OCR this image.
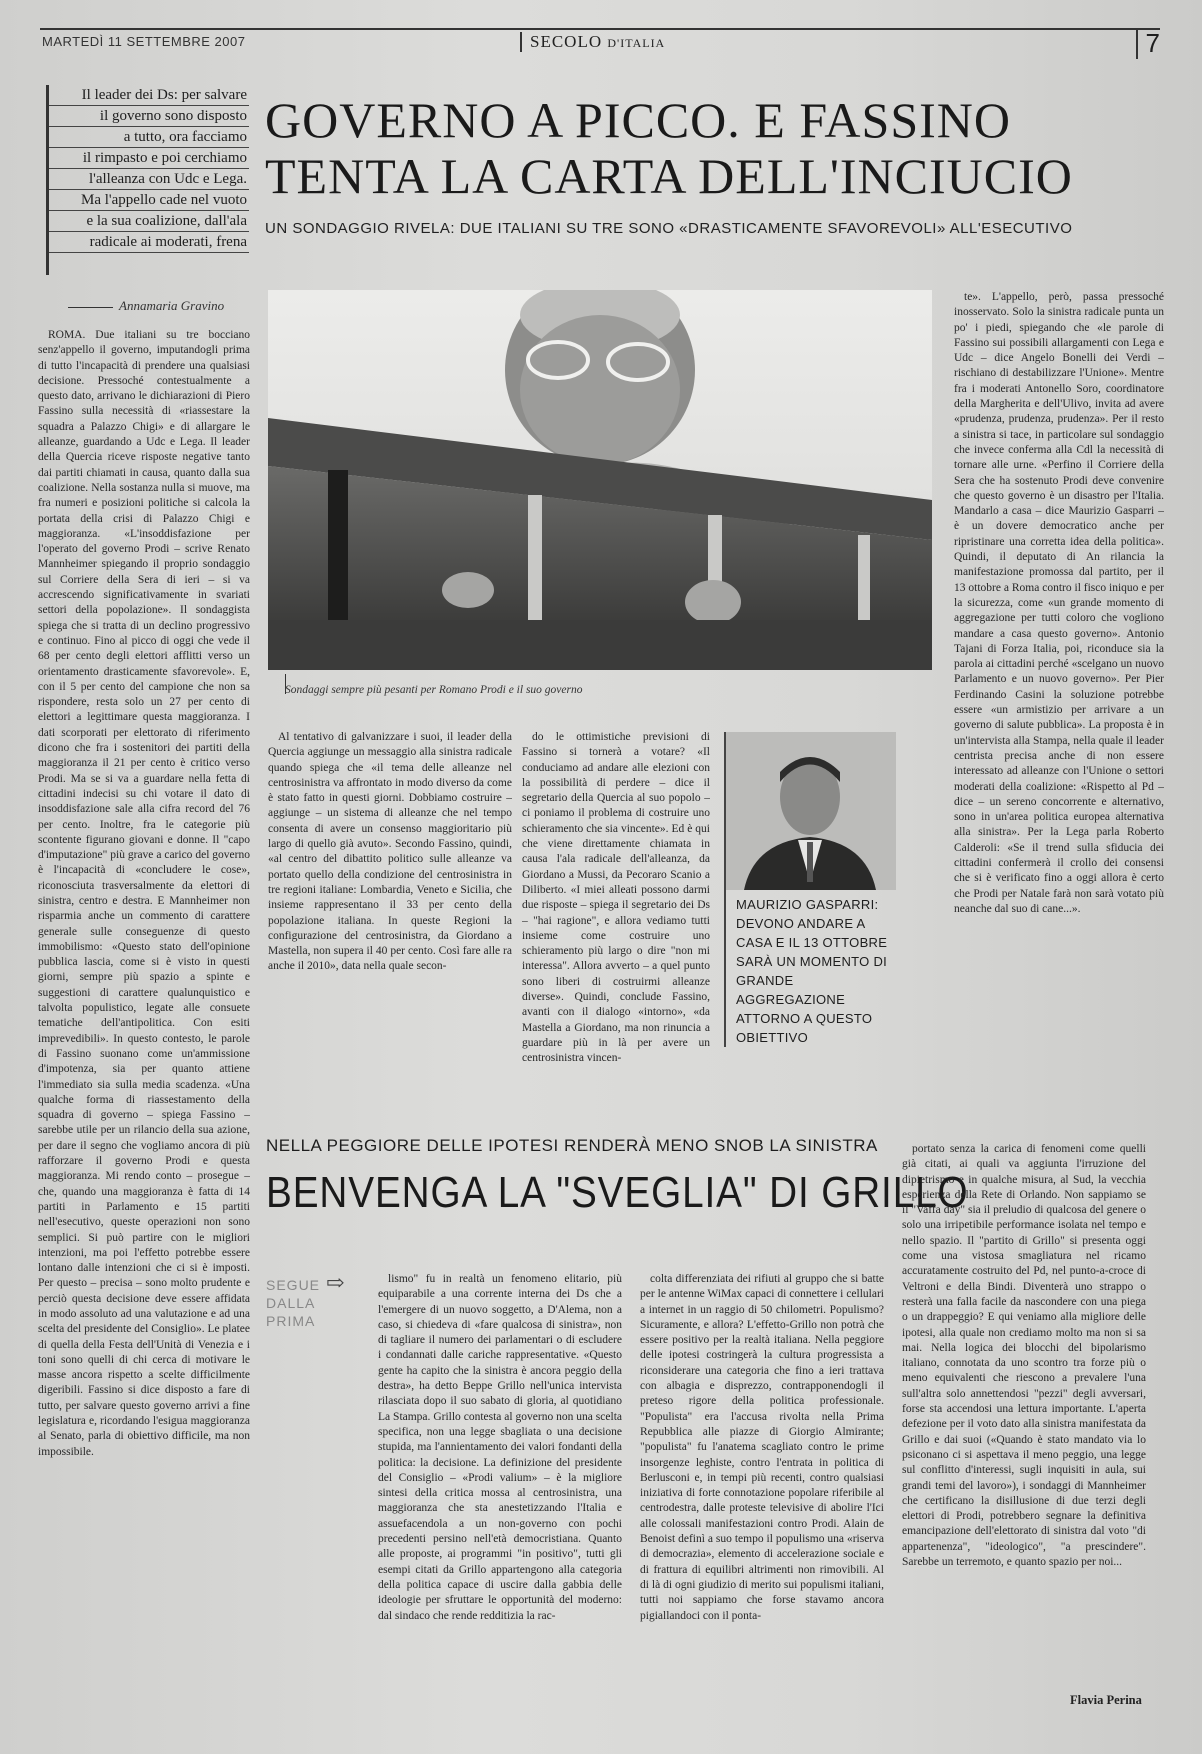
MARTEDÌ 11 SETTEMBRE 2007	SECOLO D'ITALIA	7
Il leader dei Ds: per salvare
il governo sono disposto
a tutto, ora facciamo
il rimpasto e poi cerchiamo
l'alleanza con Udc e Lega.
Ma l'appello cade nel vuoto
e la sua coalizione, dall'ala
radicale ai moderati, frena
GOVERNO A PICCO. E FASSINO
TENTA LA CARTA DELL'INCIUCIO
UN SONDAGGIO RIVELA: DUE ITALIANI SU TRE SONO «DRASTICAMENTE SFAVOREVOLI» ALL'ESECUTIVO
Annamaria Gravino

ROMA. Due italiani su tre bocciano senz'appello il governo, imputandogli prima di tutto l'incapacità di prendere una qualsiasi decisione. Pressoché contestualmente a questo dato, arrivano le dichiarazioni di Piero Fassino sulla necessità di «riassestare la squadra a Palazzo Chigi» e di allargare le alleanze, guardando a Udc e Lega. Il leader della Quercia riceve risposte negative tanto dai partiti chiamati in causa, quanto dalla sua coalizione. Nella sostanza nulla si muove, ma fra numeri e posizioni politiche si calcola la portata della crisi di Palazzo Chigi e maggioranza. «L'insoddisfazione per l'operato del governo Prodi – scrive Renato Mannheimer spiegando il proprio sondaggio sul Corriere della Sera di ieri – si va accrescendo significativamente in svariati settori della popolazione». Il sondaggista spiega che si tratta di un declino progressivo e continuo. Fino al picco di oggi che vede il 68 per cento degli elettori afflitti verso un orientamento drasticamente sfavorevole». E, con il 5 per cento del campione che non sa rispondere, resta solo un 27 per cento di elettori a legittimare questa maggioranza. I dati scorporati per elettorato di riferimento dicono che fra i sostenitori dei partiti della maggioranza il 21 per cento è critico verso Prodi. Ma se si va a guardare nella fetta di cittadini indecisi su chi votare il dato di insoddisfazione sale alla cifra record del 76 per cento. Inoltre, fra le categorie più scontente figurano giovani e donne. Il "capo d'imputazione" più grave a carico del governo è l'incapacità di «concludere le cose», riconosciuta trasversalmente da elettori di sinistra, centro e destra. E Mannheimer non risparmia anche un commento di carattere generale sulle conseguenze di questo immobilismo: «Questo stato dell'opinione pubblica lascia, come si è visto in questi giorni, sempre più spazio a spinte e suggestioni di carattere qualunquistico e talvolta populistico, legate alle consuete tematiche dell'antipolitica. Con esiti imprevedibili». In questo contesto, le parole di Fassino suonano come un'ammissione d'impotenza, sia per quanto attiene l'immediato sia sulla media scadenza. «Una qualche forma di riassestamento della squadra di governo – spiega Fassino – sarebbe utile per un rilancio della sua azione, per dare il segno che vogliamo ancora di più rafforzare il governo Prodi e questa maggioranza. Mi rendo conto – prosegue – che, quando una maggioranza è fatta di 14 partiti in Parlamento e 15 partiti nell'esecutivo, queste operazioni non sono semplici. Si può partire con le migliori intenzioni, ma poi l'effetto potrebbe essere lontano dalle intenzioni che ci si è imposti. Per questo – precisa – sono molto prudente e perciò questa decisione deve essere affidata in modo assoluto ad una valutazione e ad una scelta del presidente del Consiglio». Le platee di quella della Festa dell'Unità di Venezia e i toni sono quelli di chi cerca di motivare le masse ancora rispetto a scelte difficilmente digeribili. Fassino si dice disposto a fare di tutto, per salvare questo governo arrivi a fine legislatura e, ricordando l'esigua maggioranza al Senato, parla di obiettivo difficile, ma non impossibile.

Sondaggi sempre più pesanti per Romano Prodi e il suo governo

Al tentativo di galvanizzare i suoi, il leader della Quercia aggiunge un messaggio alla sinistra radicale quando spiega che «il tema delle alleanze nel centrosinistra va affrontato in modo diverso da come è stato fatto in questi giorni. Dobbiamo costruire – aggiunge – un sistema di alleanze che nel tempo consenta di avere un consenso maggioritario più largo di quello già avuto». Secondo Fassino, quindi, «al centro del dibattito politico sulle alleanze va portato quello della condizione del centrosinistra in tre regioni italiane: Lombardia, Veneto e Sicilia, che insieme rappresentano il 33 per cento della popolazione italiana. In queste Regioni la configurazione del centrosinistra, da Giordano a Mastella, non supera il 40 per cento. Così fare alle ra anche il 2010», data nella quale secon-

do le ottimistiche previsioni di Fassino si tornerà a votare? «Il conduciamo ad andare alle elezioni con la possibilità di perdere – dice il segretario della Quercia al suo popolo – ci poniamo il problema di costruire uno schieramento che sia vincente». Ed è qui che viene direttamente chiamata in causa l'ala radicale dell'alleanza, da Giordano a Mussi, da Pecoraro Scanio a Diliberto. «I miei alleati possono darmi due risposte – spiega il segretario dei Ds – "hai ragione", e allora vediamo tutti insieme come costruire uno schieramento più largo o dire "non mi interessa". Allora avverto – a quel punto sono liberi di costruirmi alleanze diverse». Quindi, conclude Fassino, avanti con il dialogo «intorno», «da Mastella a Giordano, ma non rinuncia a guardare più in là per avere un centrosinistra vincen-

MAURIZIO GASPARRI:
DEVONO ANDARE A CASA E IL 13 OTTOBRE SARÀ UN MOMENTO DI GRANDE AGGREGAZIONE ATTORNO A QUESTO OBIETTIVO

te». L'appello, però, passa pressoché inosservato. Solo la sinistra radicale punta un po' i piedi, spiegando che «le parole di Fassino sui possibili allargamenti con Lega e Udc – dice Angelo Bonelli dei Verdi – rischiano di destabilizzare l'Unione». Mentre fra i moderati Antonello Soro, coordinatore della Margherita e dell'Ulivo, invita ad avere «prudenza, prudenza, prudenza». Per il resto a sinistra si tace, in particolare sul sondaggio che invece conferma alla Cdl la necessità di tornare alle urne. «Perfino il Corriere della Sera che ha sostenuto Prodi deve convenire che questo governo è un disastro per l'Italia. Mandarlo a casa – dice Maurizio Gasparri – è un dovere democratico anche per ripristinare una corretta idea della politica». Quindi, il deputato di An rilancia la manifestazione promossa dal partito, per il 13 ottobre a Roma contro il fisco iniquo e per la sicurezza, come «un grande momento di aggregazione per tutti coloro che vogliono mandare a casa questo governo». Antonio Tajani di Forza Italia, poi, riconduce sia la parola ai cittadini perché «scelgano un nuovo Parlamento e un nuovo governo». Per Pier Ferdinando Casini la soluzione potrebbe essere «un armistizio per arrivare a un governo di salute pubblica». La proposta è in un'intervista alla Stampa, nella quale il leader centrista precisa anche di non essere interessato ad alleanze con l'Unione o settori moderati della coalizione: «Rispetto al Pd – dice – un sereno concorrente e alternativo, sono in un'area politica europea alternativa alla sinistra». Per la Lega parla Roberto Calderoli: «Se il trend sulla sfiducia dei cittadini confermerà il crollo dei consensi che si è verificato fino a oggi allora è certo che Prodi per Natale farà non sarà votato più neanche dal suo di cane...».

NELLA PEGGIORE DELLE IPOTESI RENDERÀ MENO SNOB LA SINISTRA
BENVENGA LA "SVEGLIA" DI GRILLO
SEGUE DALLA PRIMA
⇨	lismo" fu in realtà un fenomeno elitario, più equiparabile a una corrente interna dei Ds che a l'emergere di un nuovo soggetto, a D'Alema, non a caso, si chiedeva di «fare qualcosa di sinistra», non di tagliare il numero dei parlamentari o di escludere i condannati dalle cariche rappresentative. «Questo gente ha capito che la sinistra è ancora peggio della destra», ha detto Beppe Grillo nell'unica intervista rilasciata dopo il suo sabato di gloria, al quotidiano La Stampa. Grillo contesta al governo non una scelta specifica, non una legge sbagliata o una decisione stupida, ma l'annientamento dei valori fondanti della politica: la decisione. La definizione del presidente del Consiglio – «Prodi valium» – è la migliore sintesi della critica mossa al centrosinistra, una maggioranza che sta anestetizzando l'Italia e assuefacendola a un non-governo con pochi precedenti persino nell'età democristiana. Quanto alle proposte, ai programmi "in positivo", tutti gli esempi citati da Grillo appartengono alla categoria della politica capace di uscire dalla gabbia delle ideologie per sfruttare le opportunità del moderno: dal sindaco che rende redditizia la rac-

colta differenziata dei rifiuti al gruppo che si batte per le antenne WiMax capaci di connettere i cellulari a internet in un raggio di 50 chilometri. Populismo? Sicuramente, e allora? L'effetto-Grillo non potrà che essere positivo per la realtà italiana. Nella peggiore delle ipotesi costringerà la cultura progressista a riconsiderare una categoria che fino a ieri trattava con albagia e disprezzo, contrapponendogli il preteso rigore della politica professionale. "Populista" era l'accusa rivolta nella Prima Repubblica alle piazze di Giorgio Almirante; "populista" fu l'anatema scagliato contro le prime insorgenze leghiste, contro l'entrata in politica di Berlusconi e, in tempi più recenti, contro qualsiasi iniziativa di forte connotazione popolare riferibile al centrodestra, dalle proteste televisive di abolire l'Ici alle colossali manifestazioni contro Prodi. Alain de Benoist definì a suo tempo il populismo una «riserva di democrazia», elemento di accelerazione sociale e di frattura di equilibri altrimenti non rimovibili. Al di là di ogni giudizio di merito sui populismi italiani, tutti noi sappiamo che forse stavamo ancora pigiallandoci con il ponta-

portato senza la carica di fenomeni come quelli già citati, ai quali va aggiunta l'irruzione del dipietrismo e in qualche misura, al Sud, la vecchia esperienza della Rete di Orlando. Non sappiamo se il "Vaffa day" sia il preludio di qualcosa del genere o solo una irripetibile performance isolata nel tempo e nello spazio. Il "partito di Grillo" si presenta oggi come una vistosa smagliatura nel ricamo accuratamente costruito del Pd, nel punto-a-croce di Veltroni e della Bindi. Diventerà uno strappo o resterà una falla facile da nascondere con una piega o un drappeggio? E qui veniamo alla migliore delle ipotesi, alla quale non crediamo molto ma non si sa mai. Nella logica dei blocchi del bipolarismo italiano, connotata da uno scontro tra forze più o meno equivalenti che riescono a prevalere l'una sull'altra solo annettendosi "pezzi" degli avversari, forse sta accendosi una lettura importante. L'aperta defezione per il voto dato alla sinistra manifestata da Grillo e dai suoi («Quando è stato mandato via lo psiconano ci si aspettava il meno peggio, una legge sul conflitto d'interessi, sugli inquisiti in aula, sui grandi temi del lavoro»), i sondaggi di Mannheimer che certificano la disillusione di due terzi degli elettori di Prodi, potrebbero segnare la definitiva emancipazione dell'elettorato di sinistra dal voto "di appartenenza", "ideologico", "a prescindere". Sarebbe un terremoto, e quanto spazio per noi...

Flavia Perina
